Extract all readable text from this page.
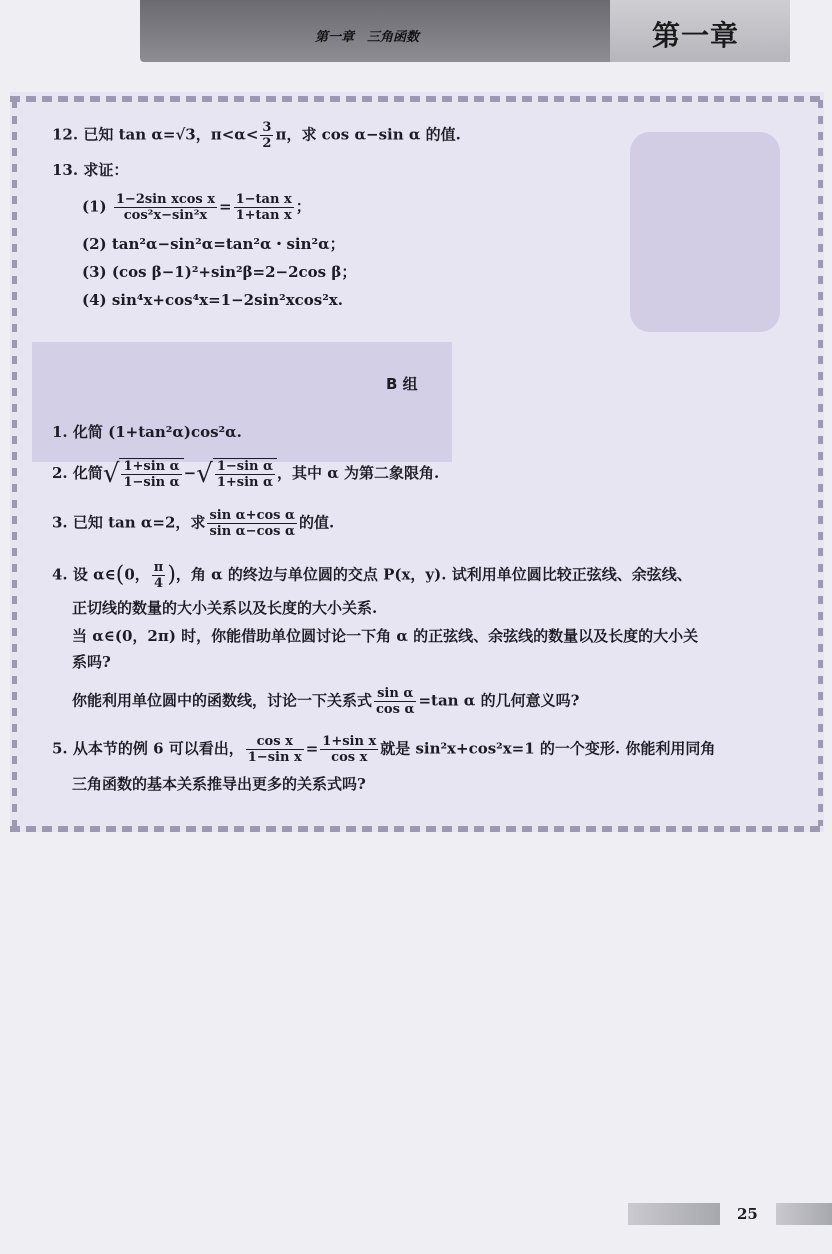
第一章　三角函数	第一章
12. 已知 tan α=√3，$\pi<\alpha< \frac{3}{2}$ π，求 cos α−sin α 的值.
13. 求证：
$(1) \frac{\text{1−2sin xcos x}}{\text{cos²x−sin²x}} = \frac{\text{1−tan x}}{\text{1+tan x}}$ ；
(2) tan²α−sin²α=tan²α・sin²α；
(3) (cos β−1)²+sin²β=2−2cos β；
(4) sin⁴x+cos⁴x=1−2sin²xcos²x.
B 组
1. 化简 (1+tan²α)cos²α.
2. 化简√ $\frac{\text{1+sin α}}{\text{1−sin α}}$ −√ $\frac{\text{1−sin α}}{\text{1+sin α}}$ ，其中 α 为第二象限角.
3. 已知 tan α=2，求 $\frac{\text{sin α+cos α}}{\text{sin α−cos α}}$ 的值.
4. 设 α∈(0， $\frac{\pi}{4}$ )，角 α 的终边与单位圆的交点 P(x，y). 试利用单位圆比较正弦线、余弦线、
正切线的数量的大小关系以及长度的大小关系.
当 α∈(0，2π) 时，你能借助单位圆讨论一下角 α 的正弦线、余弦线的数量以及长度的大小关
系吗?
你能利用单位圆中的函数线，讨论一下关系式 $\frac{\text{sin α}}{\text{cos α}} =\tan$ α 的几何意义吗?
5. 从本节的例 6 可以看出， $\frac{\text{cos x}}{\text{1−sin x}} = \frac{\text{1+sin x}}{\text{cos x}}$ 就是 sin²x+cos²x=1 的一个变形. 你能利用同角
三角函数的基本关系推导出更多的关系式吗?
25
